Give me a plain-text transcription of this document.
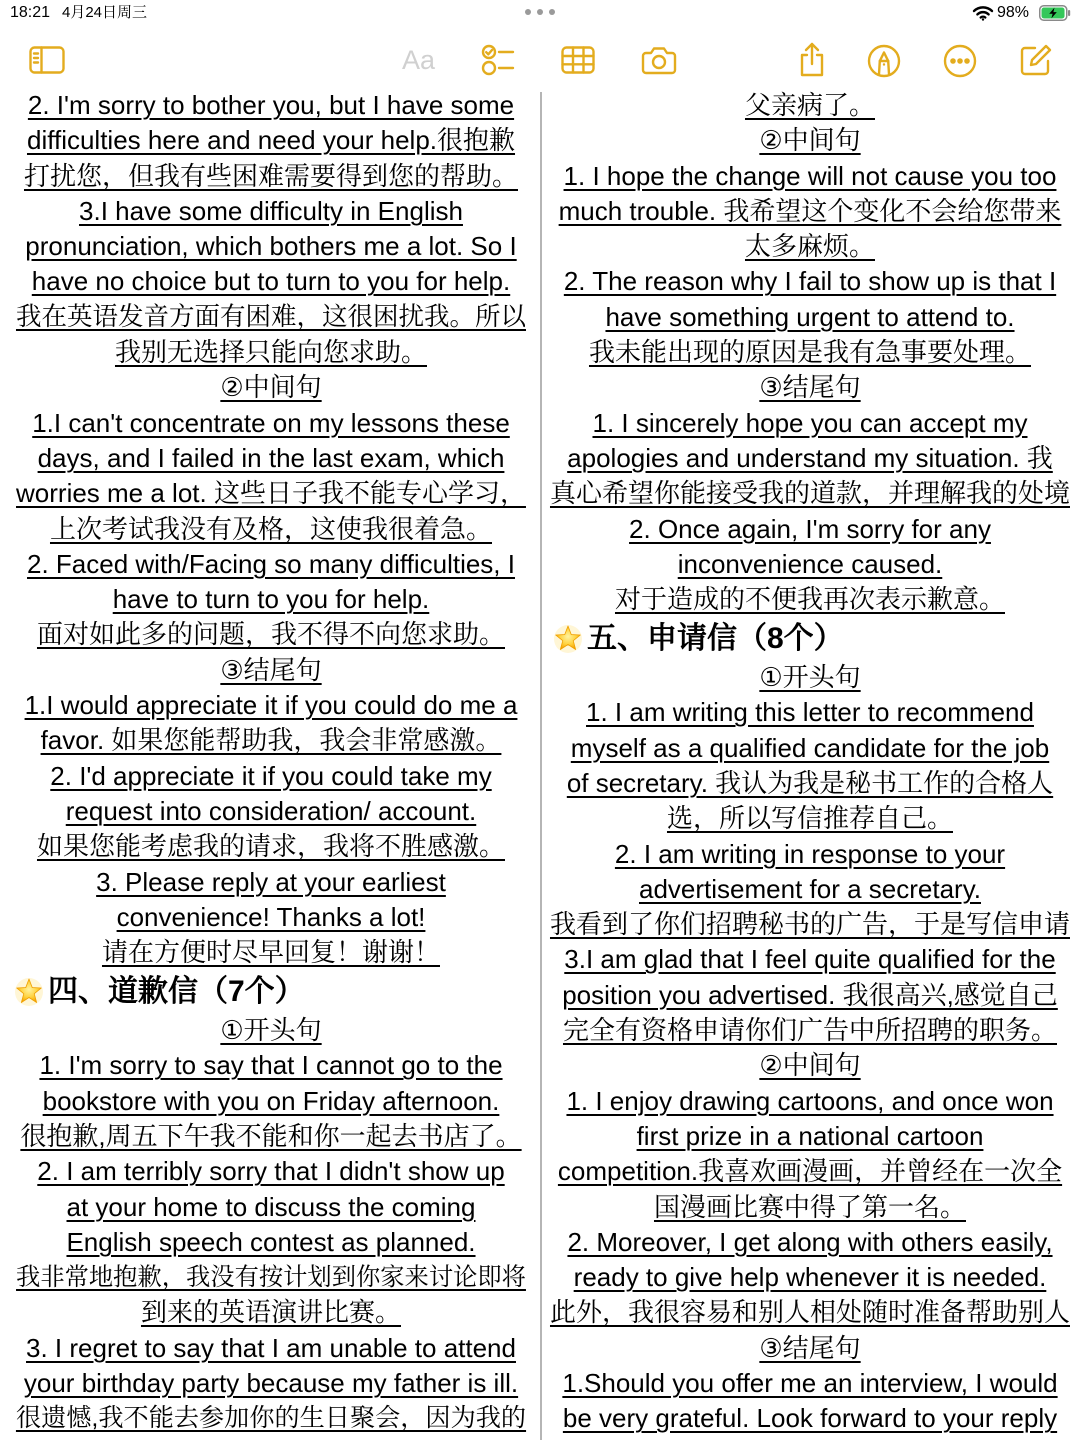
18:21 4月24日周三	98%
Aa
2. I'm sorry to bother you, but I have some
difficulties here and need your help.很抱歉
打扰您，但我有些困难需要得到您的帮助。
3.I have some difficulty in English
pronunciation, which bothers me a lot. So I
have no choice but to turn to you for help.
我在英语发音方面有困难，这很困扰我。所以
我别无选择只能向您求助。
②中间句
1.I can't concentrate on my lessons these
days, and I failed in the last exam, which
worries me a lot. 这些日子我不能专心学习，
上次考试我没有及格，这使我很着急。
2. Faced with/Facing so many difficulties, I
have to turn to you for help.
面对如此多的问题，我不得不向您求助。
③结尾句
1.I would appreciate it if you could do me a
favor. 如果您能帮助我，我会非常感激。
2. I'd appreciate it if you could take my
request into consideration/ account.
如果您能考虑我的请求，我将不胜感激。
3. Please reply at your earliest
convenience! Thanks a lot!
请在方便时尽早回复！谢谢！
四、道歉信（7个）
①开头句
1. I'm sorry to say that I cannot go to the
bookstore with you on Friday afternoon.
很抱歉,周五下午我不能和你一起去书店了。
2. I am terribly sorry that I didn't show up
at your home to discuss the coming
English speech contest as planned.
我非常地抱歉，我没有按计划到你家来讨论即将
到来的英语演讲比赛。
3. I regret to say that I am unable to attend
your birthday party because my father is ill.
很遗憾,我不能去参加你的生日聚会，因为我的
父亲病了。
②中间句
1. I hope the change will not cause you too
much trouble. 我希望这个变化不会给您带来
太多麻烦。
2. The reason why I fail to show up is that I
have something urgent to attend to.
我未能出现的原因是我有急事要处理。
③结尾句
1. I sincerely hope you can accept my
apologies and understand my situation. 我
真心希望你能接受我的道款，并理解我的处境
2. Once again, I'm sorry for any
inconvenience caused.
对于造成的不便我再次表示歉意。
五、申请信（8个）
①开头句
1. I am writing this letter to recommend
myself as a qualified candidate for the job
of secretary. 我认为我是秘书工作的合格人
选，所以写信推荐自己。
2. I am writing in response to your
advertisement for a secretary.
我看到了你们招聘秘书的广告，于是写信申请
3.I am glad that I feel quite qualified for the
position you advertised. 我很高兴,感觉自己
完全有资格申请你们广告中所招聘的职务。
②中间句
1. I enjoy drawing cartoons, and once won
first prize in a national cartoon
competition.我喜欢画漫画，并曾经在一次全
国漫画比赛中得了第一名。
2. Moreover, I get along with others easily,
ready to give help whenever it is needed.
此外，我很容易和别人相处随时准备帮助别人
③结尾句
1.Should you offer me an interview, I would
be very grateful. Look forward to your reply
